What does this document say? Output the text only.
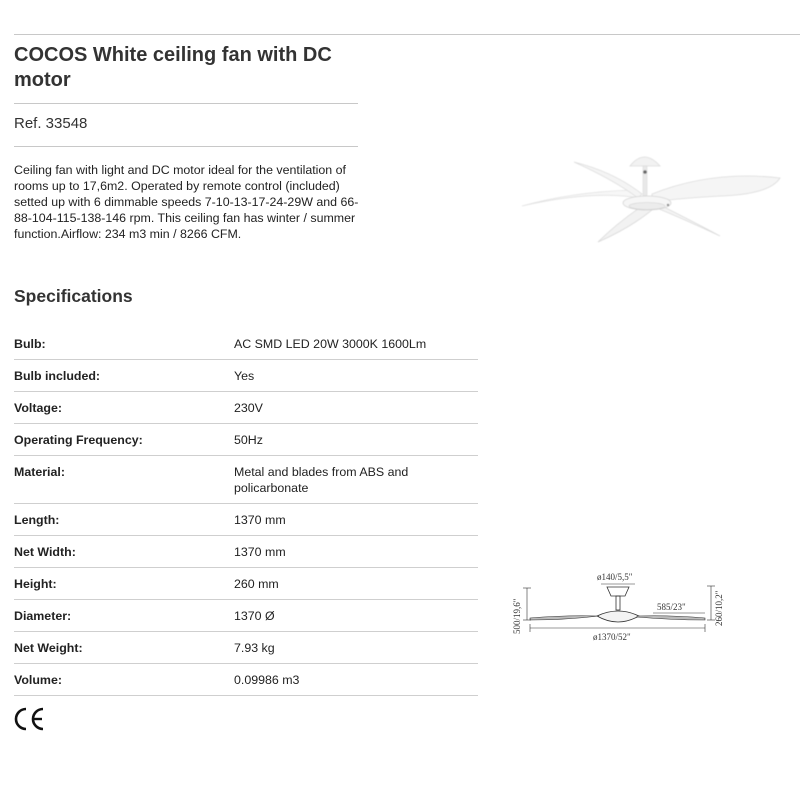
COCOS White ceiling fan with DC motor
Ref. 33548
Ceiling fan with light and DC motor ideal for the ventilation of rooms up to 17,6m2. Operated by remote control (included) setted up with 6 dimmable speeds 7-10-13-17-24-29W and 66-88-104-115-138-146 rpm. This ceiling fan has winter / summer function.Airflow: 234 m3 min / 8266 CFM.
Specifications
Bulb:	AC SMD LED 20W 3000K 1600Lm
Bulb included:	Yes
Voltage:	230V
Operating Frequency:	50Hz
Material:	Metal and blades from ABS and policarbonate
Length:	1370 mm
Net Width:	1370 mm
Height:	260 mm
Diameter:	1370 Ø
Net Weight:	7.93 kg
Volume:	0.09986 m3
ø140/5,5"
585/23"
500/19,6"	260/10,2"
ø1370/52"
